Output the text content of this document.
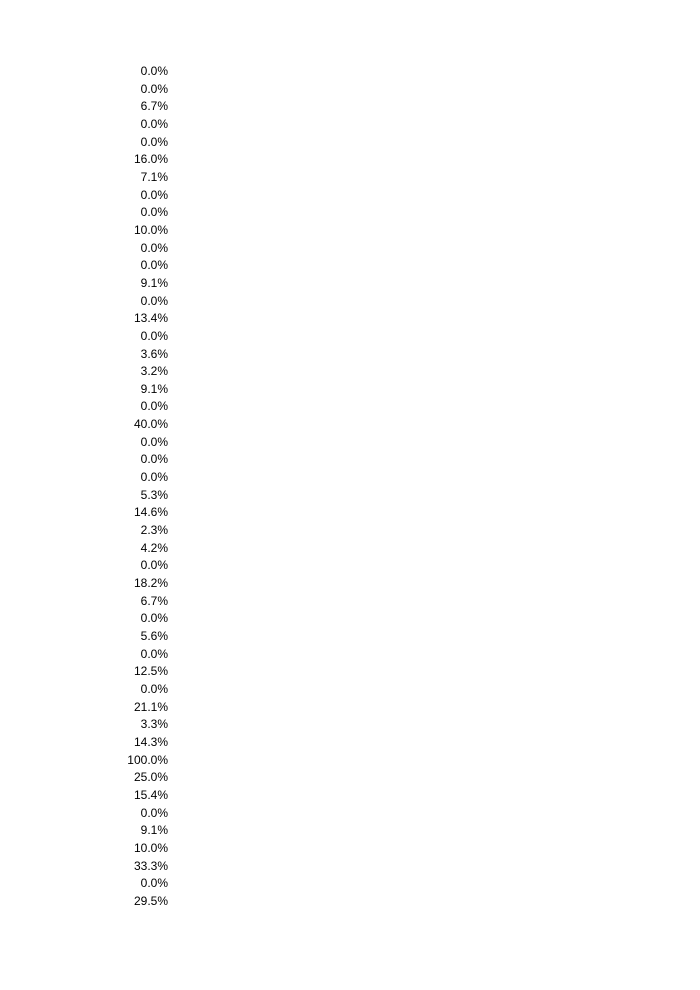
0.0%
0.0%
6.7%
0.0%
0.0%
16.0%
7.1%
0.0%
0.0%
10.0%
0.0%
0.0%
9.1%
0.0%
13.4%
0.0%
3.6%
3.2%
9.1%
0.0%
40.0%
0.0%
0.0%
0.0%
5.3%
14.6%
2.3%
4.2%
0.0%
18.2%
6.7%
0.0%
5.6%
0.0%
12.5%
0.0%
21.1%
3.3%
14.3%
100.0%
25.0%
15.4%
0.0%
9.1%
10.0%
33.3%
0.0%
29.5%
